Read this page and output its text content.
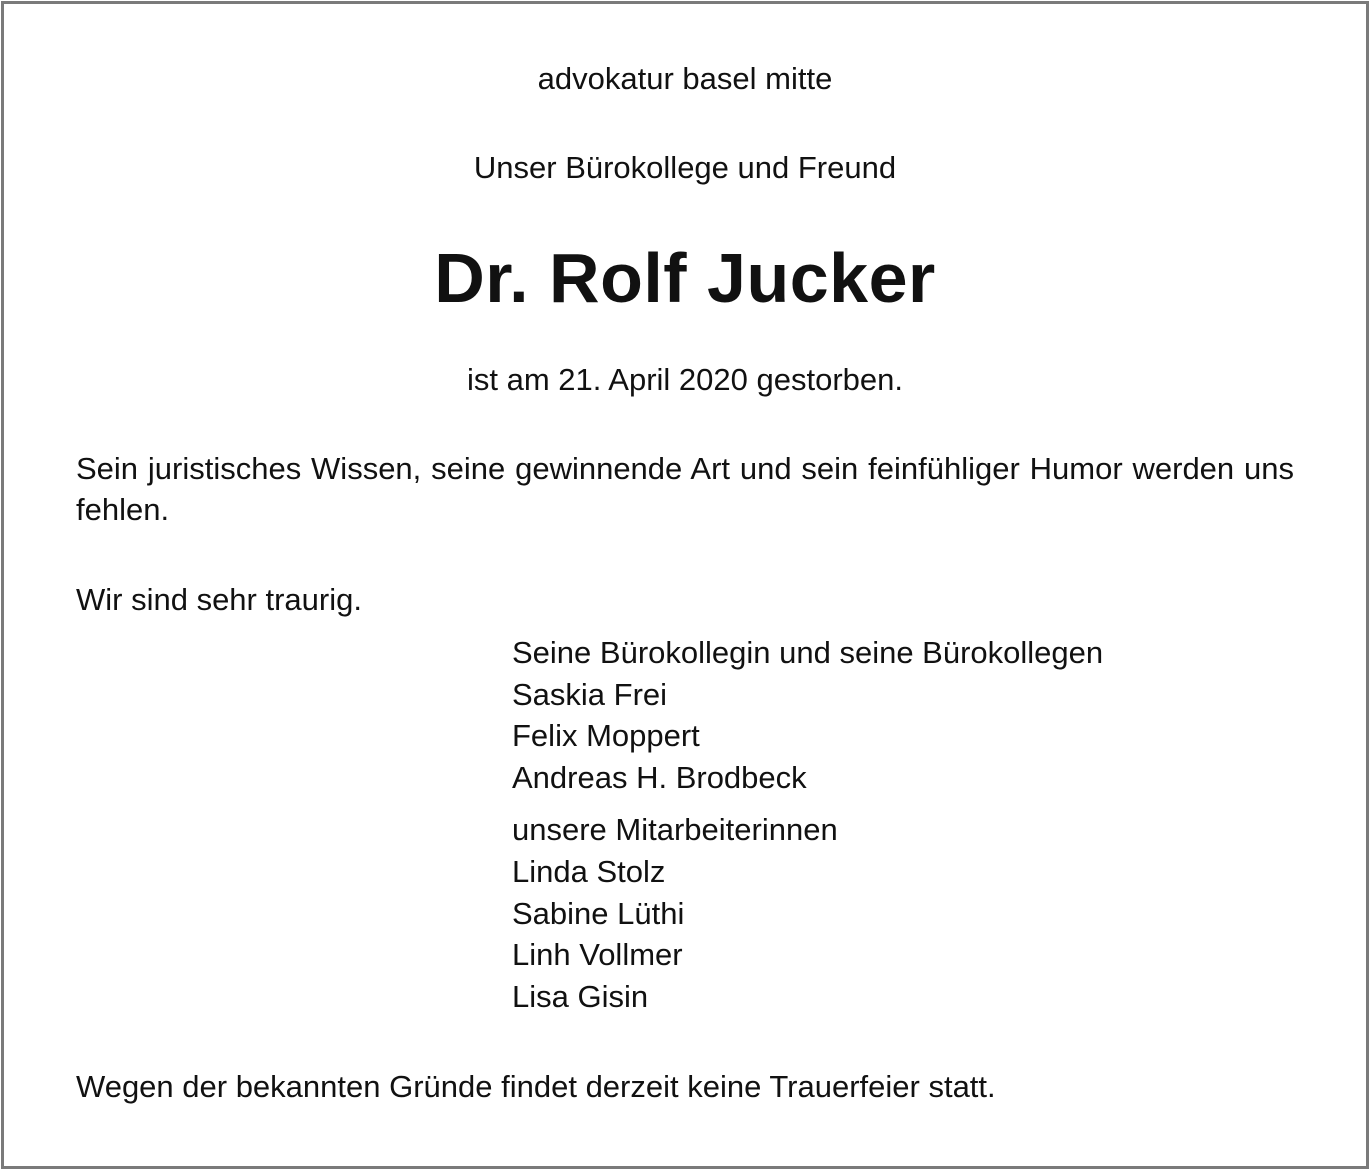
advokatur basel mitte
Unser Bürokollege und Freund
Dr. Rolf Jucker
ist am 21. April 2020 gestorben.
Sein juristisches Wissen, seine gewinnende Art und sein feinfühliger Humor werden uns fehlen.
Wir sind sehr traurig.
Seine Bürokollegin und seine Bürokollegen
Saskia Frei
Felix Moppert
Andreas H. Brodbeck
unsere Mitarbeiterinnen
Linda Stolz
Sabine Lüthi
Linh Vollmer
Lisa Gisin
Wegen der bekannten Gründe findet derzeit keine Trauerfeier statt.
